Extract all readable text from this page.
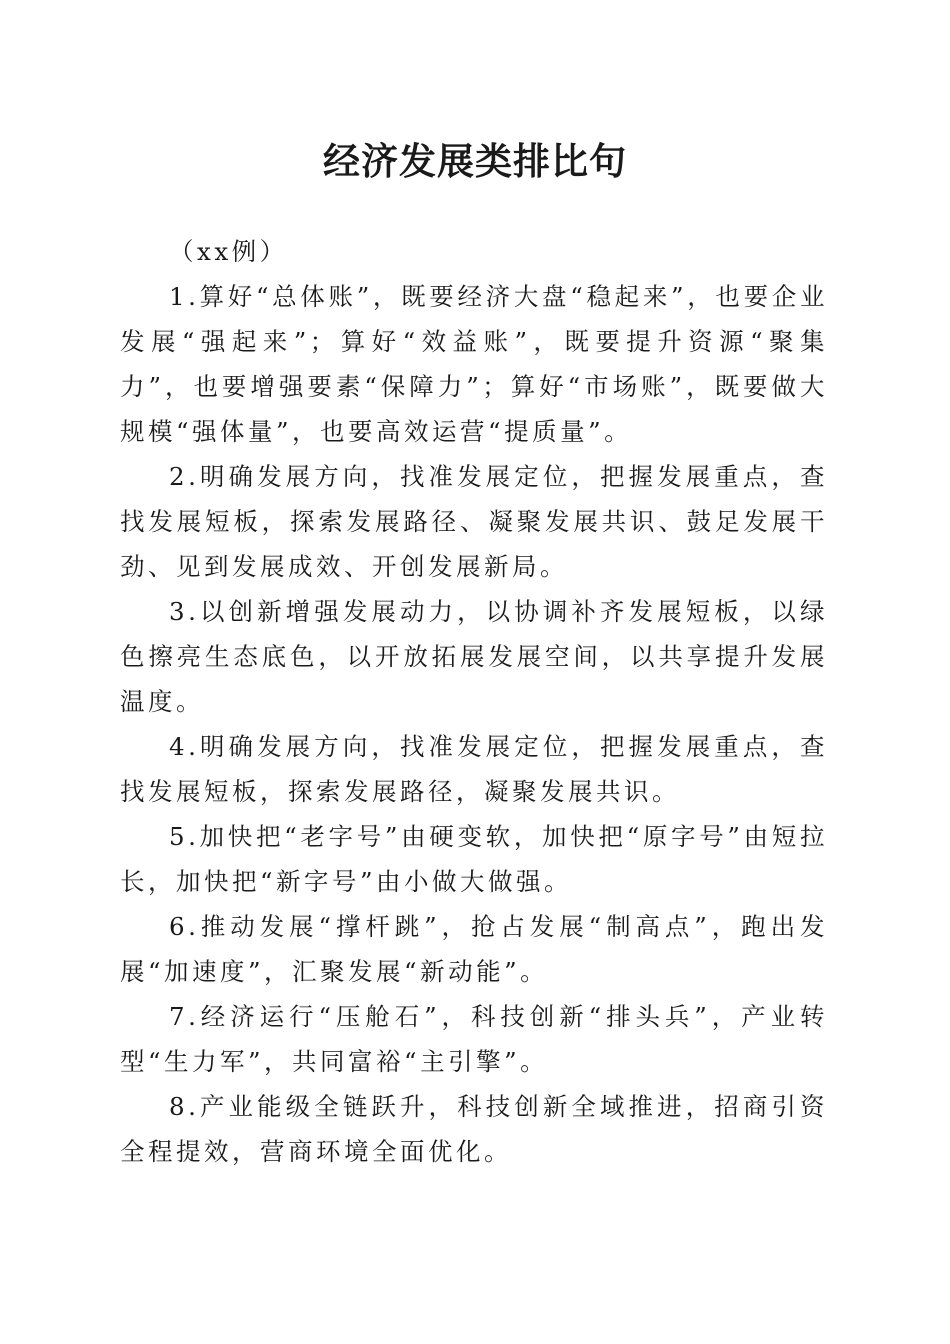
经济发展类排比句

（xx例）

1.算好“总体账”，既要经济大盘“稳起来”，也要企业发展“强起来”；算好“效益账”，既要提升资源“聚集力”，也要增强要素“保障力”；算好“市场账”，既要做大规模“强体量”，也要高效运营“提质量”。

2.明确发展方向，找准发展定位，把握发展重点，查找发展短板，探索发展路径、凝聚发展共识、鼓足发展干劲、见到发展成效、开创发展新局。

3.以创新增强发展动力，以协调补齐发展短板，以绿色擦亮生态底色，以开放拓展发展空间，以共享提升发展温度。

4.明确发展方向，找准发展定位，把握发展重点，查找发展短板，探索发展路径，凝聚发展共识。

5.加快把“老字号”由硬变软，加快把“原字号”由短拉长，加快把“新字号”由小做大做强。

6.推动发展“撑杆跳”，抢占发展“制高点”，跑出发展“加速度”，汇聚发展“新动能”。

7.经济运行“压舱石”，科技创新“排头兵”，产业转型“生力军”，共同富裕“主引擎”。

8.产业能级全链跃升，科技创新全域推进，招商引资全程提效，营商环境全面优化。
